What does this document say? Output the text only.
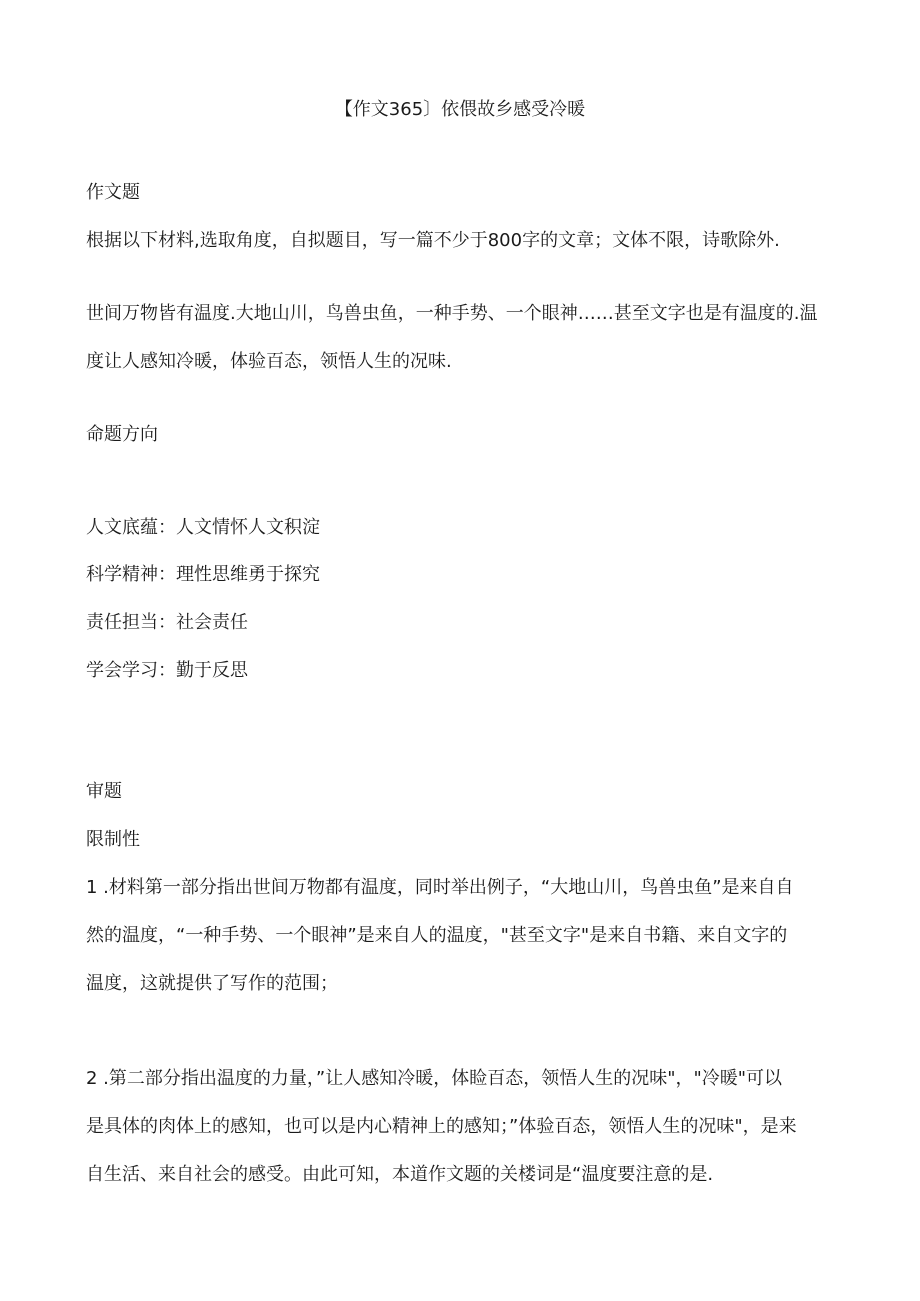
【作文365〕依偎故乡感受冷暖
作文题
根据以下材料,选取角度，自拟题目，写一篇不少于800字的文章；文体不限，诗歌除外.
世间万物皆有温度.大地山川，鸟兽虫鱼，一种手势、一个眼神……甚至文字也是有温度的.温
度让人感知冷暖，体验百态，领悟人生的况味.
命题方向
人文底蕴：人文情怀人文积淀
科学精神：理性思维勇于探究
责任担当：社会责任
学会学习：勤于反思
审题
限制性
1 .材料第一部分指出世间万物都有温度，同时举出例子，“大地山川，鸟兽虫鱼”是来自自
然的温度，“一种手势、一个眼神”是来自人的温度，"甚至文字"是来自书籍、来自文字的
温度，这就提供了写作的范围；
2 .第二部分指出温度的力量，”让人感知冷暖，体睑百态，领悟人生的况味"，"冷暖"可以
是具体的肉体上的感知，也可以是内心精神上的感知；”体验百态，领悟人生的况味"，是来
自生活、来自社会的感受。由此可知，本道作文题的关楼词是“温度要注意的是.
